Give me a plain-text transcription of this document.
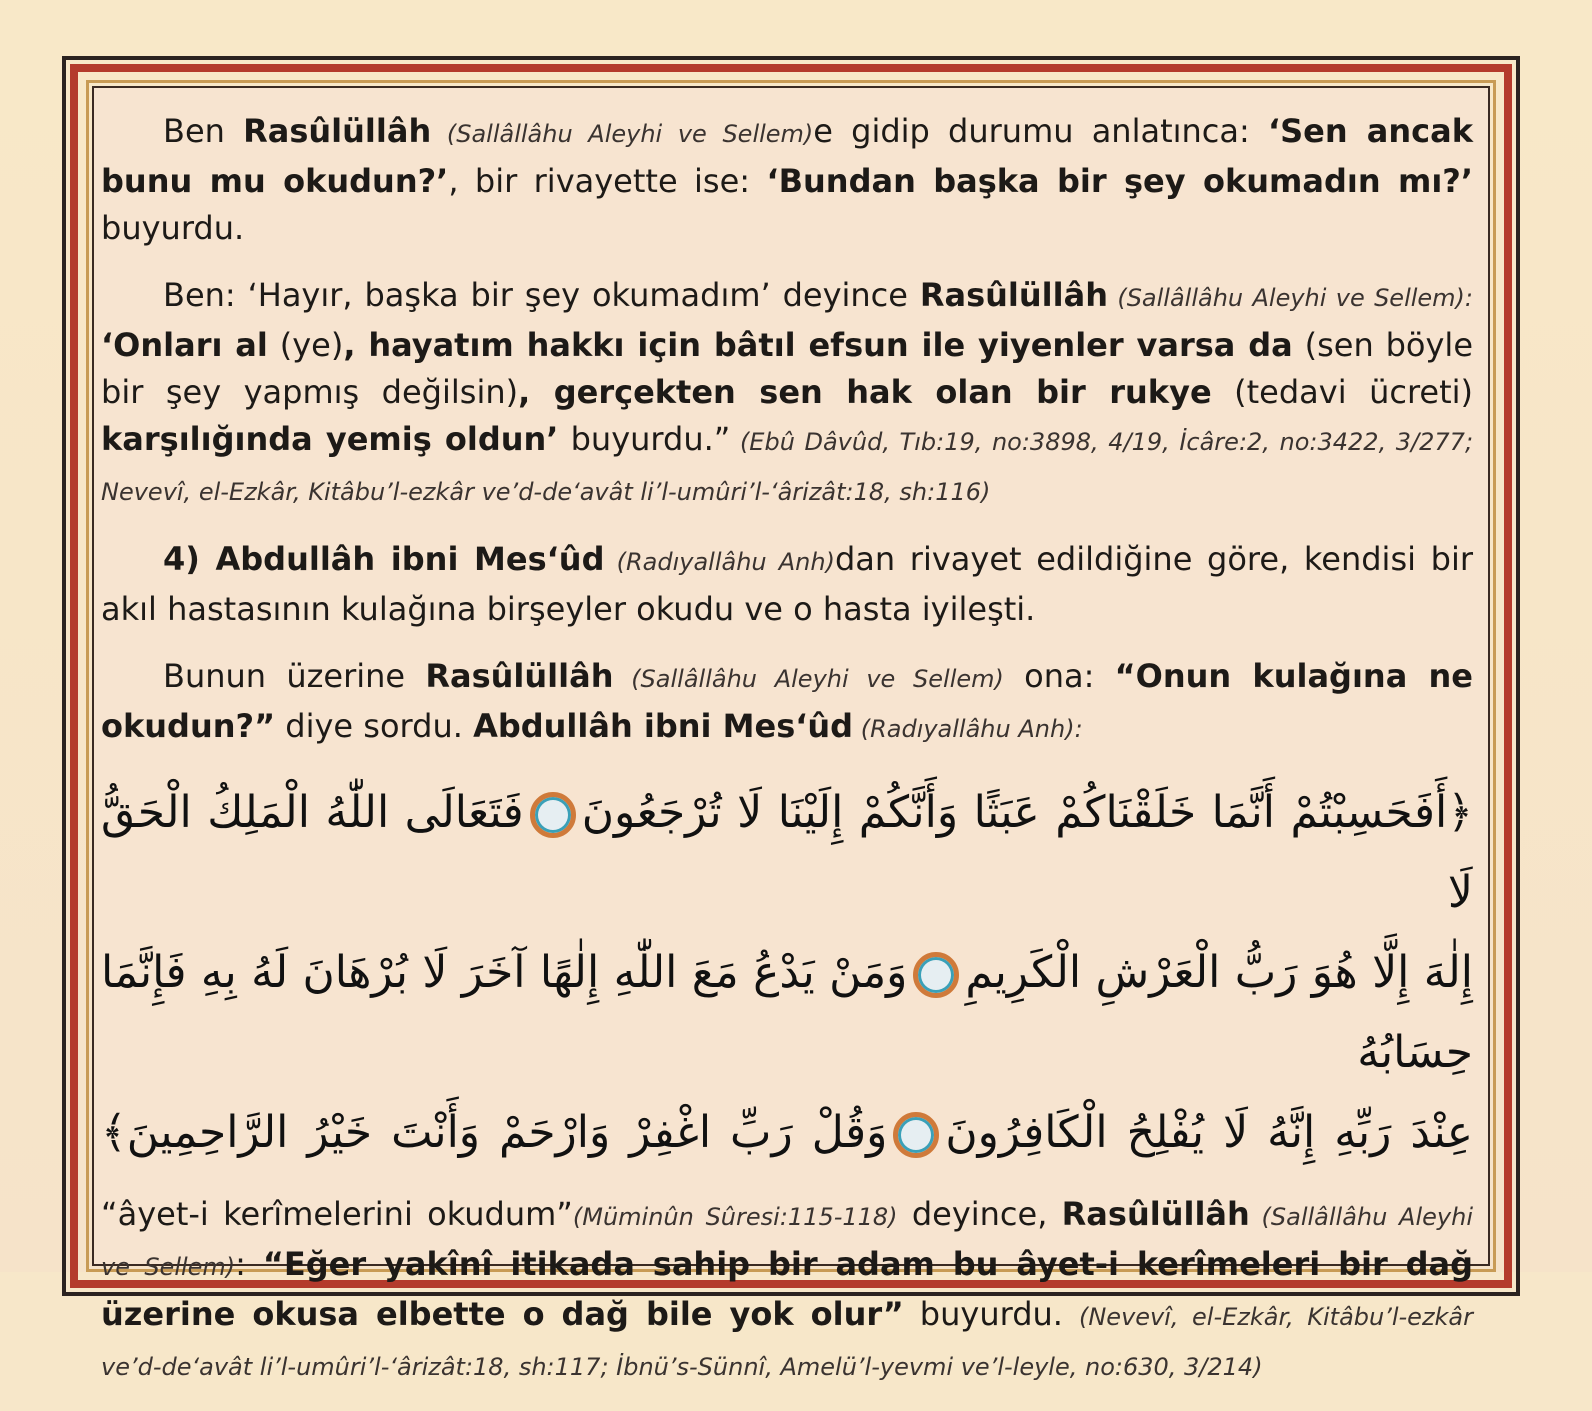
Ben Rasûlüllâh (Sallâllâhu Aleyhi ve Sellem)e gidip durumu anlatınca: ‘Sen ancak bunu mu okudun?’, bir rivayette ise: ‘Bundan başka bir şey okumadın mı?’ buyurdu.

Ben: ‘Hayır, başka bir şey okumadım’ deyince Rasûlüllâh (Sallâllâhu Aleyhi ve Sellem): ‘Onları al (ye), hayatım hakkı için bâtıl efsun ile yiyenler varsa da (sen böyle bir şey yapmış değilsin), gerçekten sen hak olan bir rukye (tedavi ücreti) karşılığında yemiş oldun’ buyurdu.” (Ebû Dâvûd, Tıb:19, no:3898, 4/19, İcâre:2, no:3422, 3/277; Nevevî, el-Ezkâr, Kitâbu’l-ezkâr ve’d-de‘avât li’l-umûri’l-‘ârizât:18, sh:116)

4) Abdullâh ibni Mes‘ûd (Radıyallâhu Anh)dan rivayet edildiğine göre, kendisi bir akıl hastasının kulağına birşeyler okudu ve o hasta iyileşti.

Bunun üzerine Rasûlüllâh (Sallâllâhu Aleyhi ve Sellem) ona: “Onun kulağına ne okudun?” diye sordu. Abdullâh ibni Mes‘ûd (Radıyallâhu Anh):

﴿أَفَحَسِبْتُمْ أَنَّمَا خَلَقْنَاكُمْ عَبَثًا وَأَنَّكُمْ إِلَيْنَا لَا تُرْجَعُونَفَتَعَالَى اللّٰهُ الْمَلِكُ الْحَقُّ لَا
إِلٰهَ إِلَّا هُوَ رَبُّ الْعَرْشِ الْكَرِيمِوَمَنْ يَدْعُ مَعَ اللّٰهِ إِلٰهًا آخَرَ لَا بُرْهَانَ لَهُ بِهِ فَإِنَّمَا حِسَابُهُ
عِنْدَ رَبِّهِ إِنَّهُ لَا يُفْلِحُ الْكَافِرُونَوَقُلْ رَبِّ اغْفِرْ وَارْحَمْ وَأَنْتَ خَيْرُ الرَّاحِمِينَ﴾

“âyet-i kerîmelerini okudum”(Müminûn Sûresi:115-118) deyince, Rasûlüllâh (Sallâllâhu Aleyhi ve Sellem): “Eğer yakînî itikada sahip bir adam bu âyet-i kerîmeleri bir dağ üzerine okusa elbette o dağ bile yok olur” buyurdu. (Nevevî, el-Ezkâr, Kitâbu’l-ezkâr ve’d-de‘avât li’l-umûri’l-‘ârizât:18, sh:117; İbnü’s-Sünnî, Amelü’l-yevmi ve’l-leyle, no:630, 3/214)
